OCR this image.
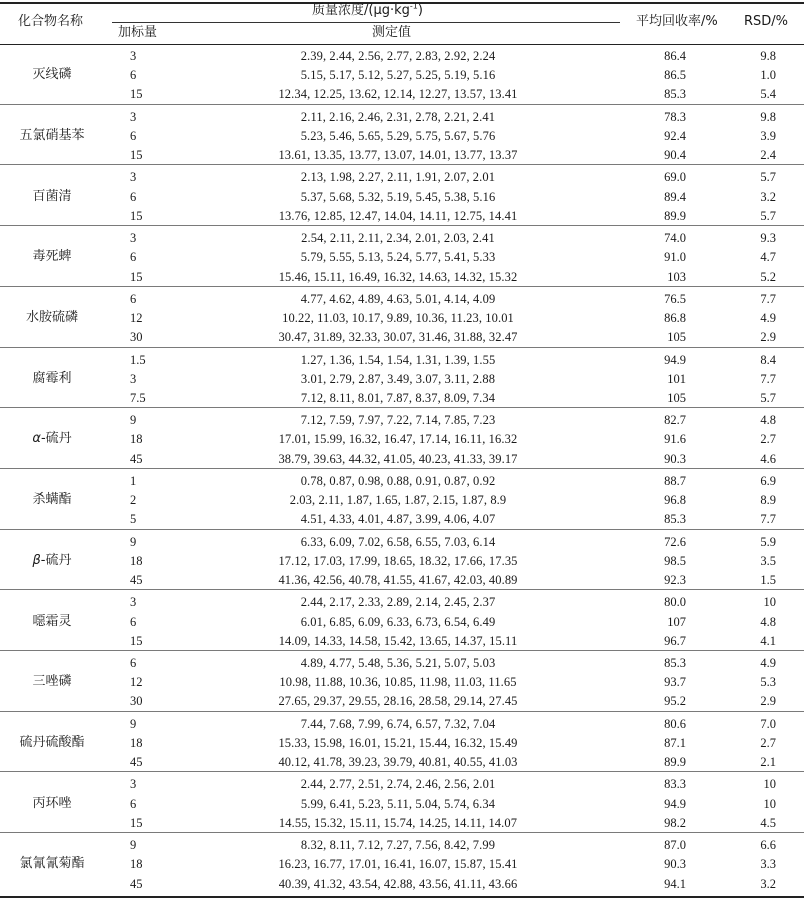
化合物名称
质量浓度$/(\mu g\cdot kg^{-1})$
加标量	测定值
平均回收率/% RSD/%
灭线磷
3	2.39, 2.44, 2.56, 2.77, 2.83, 2.92, 2.24	86.4	9.8
6	5.15, 5.17, 5.12, 5.27, 5.25, 5.19, 5.16	86.5	1.0
15	12.34, 12.25, 13.62, 12.14, 12.27, 13.57, 13.41	85.3	5.4
五氯硝基苯
3	2.11, 2.16, 2.46, 2.31, 2.78, 2.21, 2.41	78.3	9.8
6	5.23, 5.46, 5.65, 5.29, 5.75, 5.67, 5.76	92.4	3.9
15	13.61, 13.35, 13.77, 13.07, 14.01, 13.77, 13.37	90.4	2.4
百菌清
3	2.13, 1.98, 2.27, 2.11, 1.91, 2.07, 2.01	69.0	5.7
6	5.37, 5.68, 5.32, 5.19, 5.45, 5.38, 5.16	89.4	3.2
15	13.76, 12.85, 12.47, 14.04, 14.11, 12.75, 14.41	89.9	5.7
毒死蜱
3	2.54, 2.11, 2.11, 2.34, 2.01, 2.03, 2.41	74.0	9.3
6	5.79, 5.55, 5.13, 5.24, 5.77, 5.41, 5.33	91.0	4.7
15	15.46, 15.11, 16.49, 16.32, 14.63, 14.32, 15.32	103	5.2
水胺硫磷
6	4.77, 4.62, 4.89, 4.63, 5.01, 4.14, 4.09	76.5	7.7
12	10.22, 11.03, 10.17, 9.89, 10.36, 11.23, 10.01	86.8	4.9
30	30.47, 31.89, 32.33, 30.07, 31.46, 31.88, 32.47	105	2.9
腐霉利
1.5	1.27, 1.36, 1.54, 1.54, 1.31, 1.39, 1.55	94.9	8.4
3	3.01, 2.79, 2.87, 3.49, 3.07, 3.11, 2.88	101	7.7
7.5	7.12, 8.11, 8.01, 7.87, 8.37, 8.09, 7.34	105	5.7
α-硫丹
9	7.12, 7.59, 7.97, 7.22, 7.14, 7.85, 7.23	82.7	4.8
18	17.01, 15.99, 16.32, 16.47, 17.14, 16.11, 16.32	91.6	2.7
45	38.79, 39.63, 44.32, 41.05, 40.23, 41.33, 39.17	90.3	4.6
杀螨酯
1	0.78, 0.87, 0.98, 0.88, 0.91, 0.87, 0.92	88.7	6.9
2	2.03, 2.11, 1.87, 1.65, 1.87, 2.15, 1.87, 8.9	96.8	8.9
5	4.51, 4.33, 4.01, 4.87, 3.99, 4.06, 4.07	85.3	7.7
β-硫丹
9	6.33, 6.09, 7.02, 6.58, 6.55, 7.03, 6.14	72.6	5.9
18	17.12, 17.03, 17.99, 18.65, 18.32, 17.66, 17.35	98.5	3.5
45	41.36, 42.56, 40.78, 41.55, 41.67, 42.03, 40.89	92.3	1.5
噁霜灵
3	2.44, 2.17, 2.33, 2.89, 2.14, 2.45, 2.37	80.0	10
6	6.01, 6.85, 6.09, 6.33, 6.73, 6.54, 6.49	107	4.8
15	14.09, 14.33, 14.58, 15.42, 13.65, 14.37, 15.11	96.7	4.1
三唑磷
6	4.89, 4.77, 5.48, 5.36, 5.21, 5.07, 5.03	85.3	4.9
12	10.98, 11.88, 10.36, 10.85, 11.98, 11.03, 11.65	93.7	5.3
30	27.65, 29.37, 29.55, 28.16, 28.58, 29.14, 27.45	95.2	2.9
硫丹硫酸酯
9	7.44, 7.68, 7.99, 6.74, 6.57, 7.32, 7.04	80.6	7.0
18	15.33, 15.98, 16.01, 15.21, 15.44, 16.32, 15.49	87.1	2.7
45	40.12, 41.78, 39.23, 39.79, 40.81, 40.55, 41.03	89.9	2.1
丙环唑
3	2.44, 2.77, 2.51, 2.74, 2.46, 2.56, 2.01	83.3	10
6	5.99, 6.41, 5.23, 5.11, 5.04, 5.74, 6.34	94.9	10
15	14.55, 15.32, 15.11, 15.74, 14.25, 14.11, 14.07	98.2	4.5
氯氰氰菊酯
9	8.32, 8.11, 7.12, 7.27, 7.56, 8.42, 7.99	87.0	6.6
18	16.23, 16.77, 17.01, 16.41, 16.07, 15.87, 15.41	90.3	3.3
45	40.39, 41.32, 43.54, 42.88, 43.56, 41.11, 43.66	94.1	3.2
